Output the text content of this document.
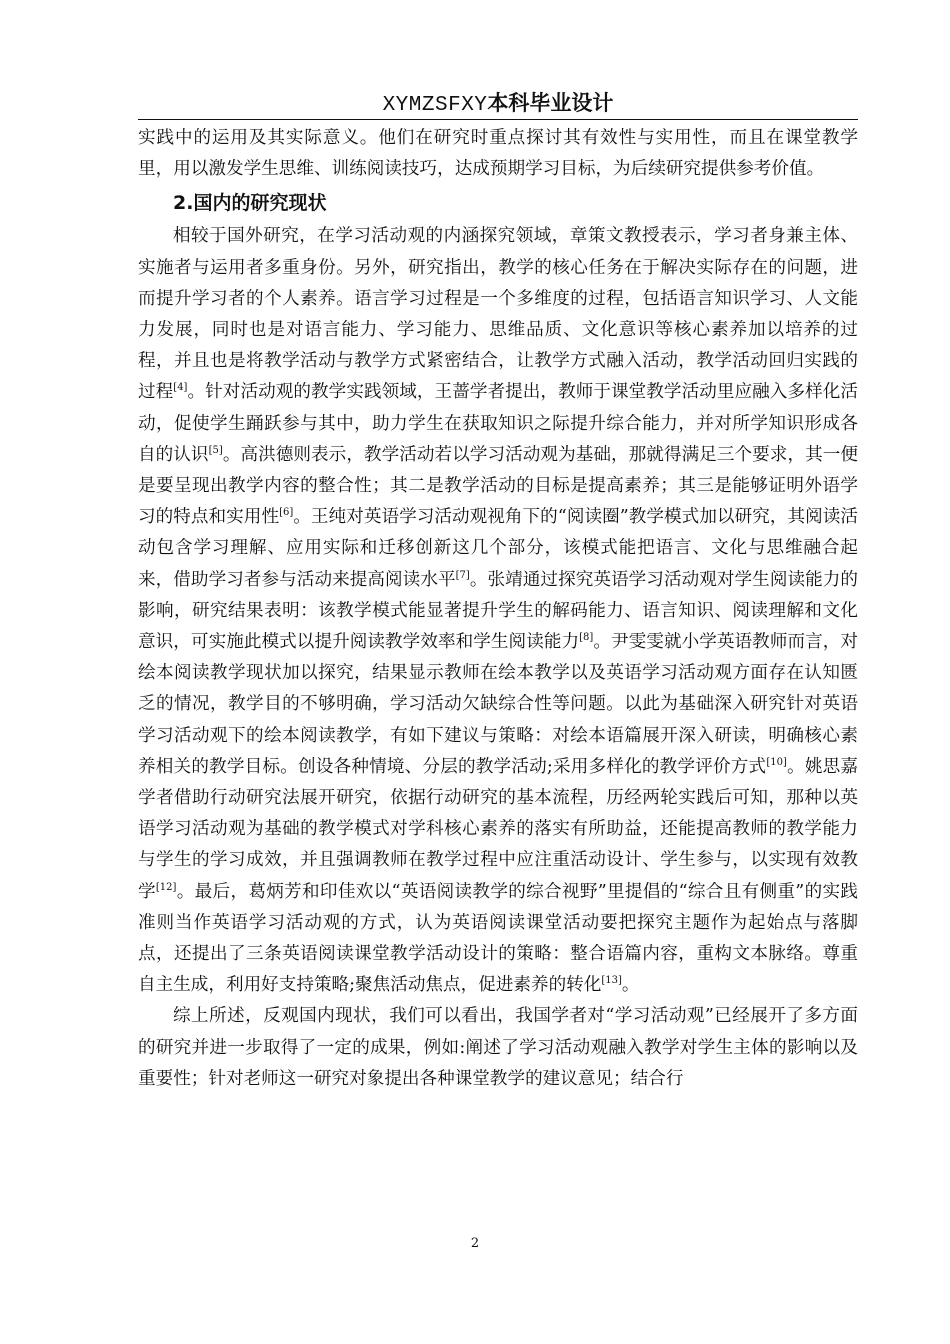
XYMZSFXY本科毕业设计

实践中的运用及其实际意义。他们在研究时重点探讨其有效性与实用性，而且在课堂教学里，用以激发学生思维、训练阅读技巧，达成预期学习目标，为后续研究提供参考价值。

2.国内的研究现状

相较于国外研究，在学习活动观的内涵探究领域，章策文教授表示，学习者身兼主体、实施者与运用者多重身份。另外，研究指出，教学的核心任务在于解决实际存在的问题，进而提升学习者的个人素养。语言学习过程是一个多维度的过程，包括语言知识学习、人文能力发展，同时也是对语言能力、学习能力、思维品质、文化意识等核心素养加以培养的过程，并且也是将教学活动与教学方式紧密结合，让教学方式融入活动，教学活动回归实践的过程[4]。针对活动观的教学实践领域，王蔷学者提出，教师于课堂教学活动里应融入多样化活动，促使学生踊跃参与其中，助力学生在获取知识之际提升综合能力，并对所学知识形成各自的认识[5]。高洪德则表示，教学活动若以学习活动观为基础，那就得满足三个要求，其一便是要呈现出教学内容的整合性；其二是教学活动的目标是提高素养；其三是能够证明外语学习的特点和实用性[6]。王纯对英语学习活动观视角下的“阅读圈”教学模式加以研究，其阅读活动包含学习理解、应用实际和迁移创新这几个部分，该模式能把语言、文化与思维融合起来，借助学习者参与活动来提高阅读水平[7]。张靖通过探究英语学习活动观对学生阅读能力的影响，研究结果表明：该教学模式能显著提升学生的解码能力、语言知识、阅读理解和文化意识，可实施此模式以提升阅读教学效率和学生阅读能力[8]。尹雯雯就小学英语教师而言，对绘本阅读教学现状加以探究，结果显示教师在绘本教学以及英语学习活动观方面存在认知匮乏的情况，教学目的不够明确，学习活动欠缺综合性等问题。以此为基础深入研究针对英语学习活动观下的绘本阅读教学，有如下建议与策略：对绘本语篇展开深入研读，明确核心素养相关的教学目标。创设各种情境、分层的教学活动;采用多样化的教学评价方式[10]。姚思嘉学者借助行动研究法展开研究，依据行动研究的基本流程，历经两轮实践后可知，那种以英语学习活动观为基础的教学模式对学科核心素养的落实有所助益，还能提高教师的教学能力与学生的学习成效，并且强调教师在教学过程中应注重活动设计、学生参与，以实现有效教学[12]。最后，葛炳芳和印佳欢以“英语阅读教学的综合视野”里提倡的“综合且有侧重”的实践准则当作英语学习活动观的方式，认为英语阅读课堂活动要把探究主题作为起始点与落脚点，还提出了三条英语阅读课堂教学活动设计的策略：整合语篇内容，重构文本脉络。尊重自主生成，利用好支持策略;聚焦活动焦点，促进素养的转化[13]。

综上所述，反观国内现状，我们可以看出，我国学者对“学习活动观”已经展开了多方面的研究并进一步取得了一定的成果，例如:阐述了学习活动观融入教学对学生主体的影响以及重要性；针对老师这一研究对象提出各种课堂教学的建议意见；结合行

2
